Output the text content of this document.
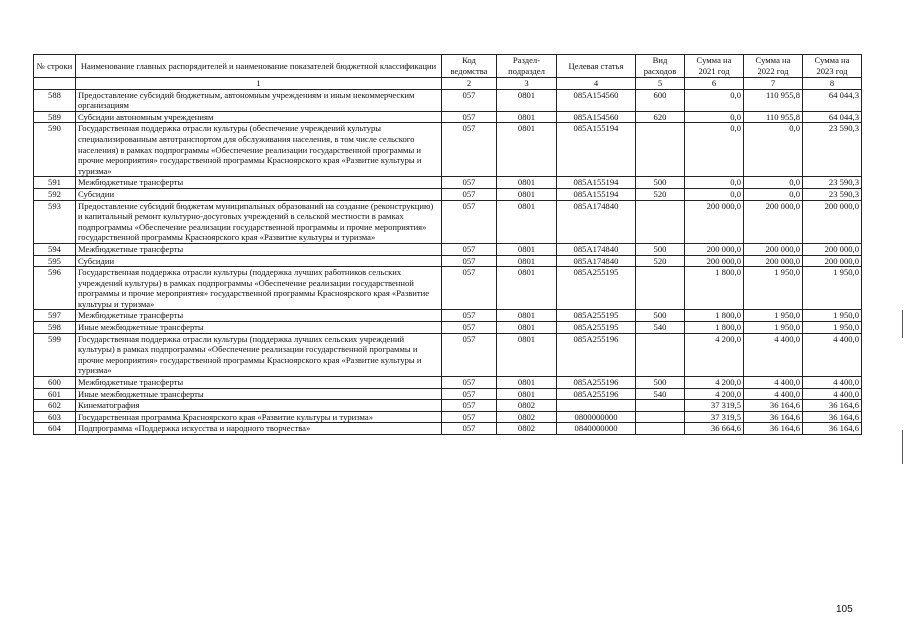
№ строки	Наименование главных распорядителей и наименование показателей бюджетной классификации	Код ведомства	Раздел-подраздел	Целевая статья	Вид расходов	Сумма на 2021 год	Сумма на 2022 год	Сумма на 2023 год
	1	2	3	4	5	6	7	8
588	Предоставление субсидий бюджетным, автономным учреждениям и иным некоммерческим организациям	057	0801	085А154560	600	0,0	110 955,8	64 044,3
589	Субсидии автономным учреждениям	057	0801	085А154560	620	0,0	110 955,8	64 044,3
590	Государственная поддержка отрасли культуры (обеспечение учреждений культуры специализированным автотранспортом для обслуживания населения, в том числе сельского населения) в рамках подпрограммы «Обеспечение реализации государственной программы и прочие мероприятия» государственной программы Красноярского края «Развитие культуры и туризма»	057	0801	085А155194		0,0	0,0	23 590,3
591	Межбюджетные трансферты	057	0801	085А155194	500	0,0	0,0	23 590,3
592	Субсидии	057	0801	085А155194	520	0,0	0,0	23 590,3
593	Предоставление субсидий бюджетам муниципальных образований на создание (реконструкцию) и капитальный ремонт культурно-досуговых учреждений в сельской местности в рамках подпрограммы «Обеспечение реализации государственной программы и прочие мероприятия» государственной программы Красноярского края «Развитие культуры и туризма»	057	0801	085А174840		200 000,0	200 000,0	200 000,0
594	Межбюджетные трансферты	057	0801	085А174840	500	200 000,0	200 000,0	200 000,0
595	Субсидии	057	0801	085А174840	520	200 000,0	200 000,0	200 000,0
596	Государственная поддержка отрасли культуры (поддержка лучших работников сельских учреждений культуры) в рамках подпрограммы «Обеспечение реализации государственной программы и прочие мероприятия» государственной программы Красноярского края «Развитие культуры и туризма»	057	0801	085А255195		1 800,0	1 950,0	1 950,0
597	Межбюджетные трансферты	057	0801	085А255195	500	1 800,0	1 950,0	1 950,0
598	Иные межбюджетные трансферты	057	0801	085А255195	540	1 800,0	1 950,0	1 950,0
599	Государственная поддержка отрасли культуры (поддержка лучших сельских учреждений культуры) в рамках подпрограммы «Обеспечение реализации государственной программы и прочие мероприятия» государственной программы Красноярского края «Развитие культуры и туризма»	057	0801	085А255196		4 200,0	4 400,0	4 400,0
600	Межбюджетные трансферты	057	0801	085А255196	500	4 200,0	4 400,0	4 400,0
601	Иные межбюджетные трансферты	057	0801	085А255196	540	4 200,0	4 400,0	4 400,0
602	Кинематография	057	0802			37 319,5	36 164,6	36 164,6
603	Государственная программа Красноярского края «Развитие культуры и туризма»	057	0802	0800000000		37 319,5	36 164,6	36 164,6
604	Подпрограмма «Поддержка искусства и народного творчества»	057	0802	0840000000		36 664,6	36 164,6	36 164,6
105
